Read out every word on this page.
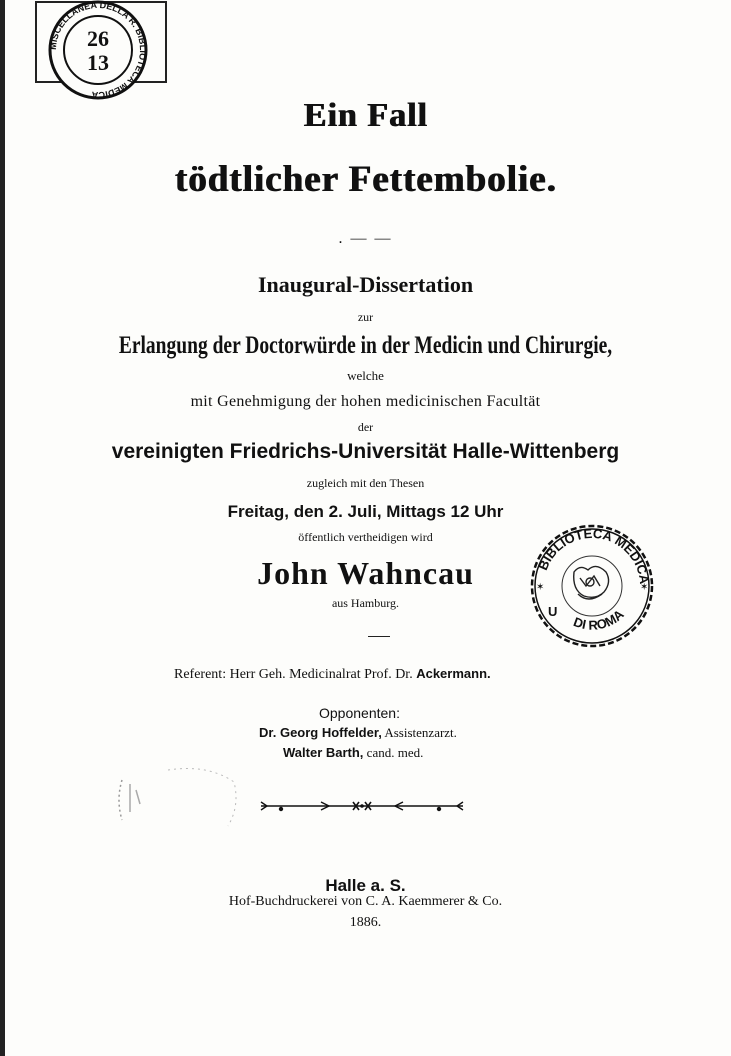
MISCELLANEA DELLA R. BIBLIOTECA MEDICA
26
13
BIBLIOTECA MEDICA
DI ROMA
U
✶	✶
Ein Fall
tödtlicher Fettembolie.
. — —
Inaugural-Dissertation
zur
Erlangung der Doctorwürde in der Medicin und Chirurgie,
welche
mit Genehmigung der hohen medicinischen Facultät
der
vereinigten Friedrichs-Universität Halle-Wittenberg
zugleich mit den Thesen
Freitag, den 2. Juli, Mittags 12 Uhr
öffentlich vertheidigen wird
John Wahncau
aus Hamburg.
Referent: Herr Geh. Medicinalrat Prof. Dr. Ackermann.
Opponenten:
Dr. Georg Hoffelder, Assistenzarzt.
Walter Barth, cand. med.
Halle a. S.
Hof-Buchdruckerei von C. A. Kaemmerer & Co.
1886.
